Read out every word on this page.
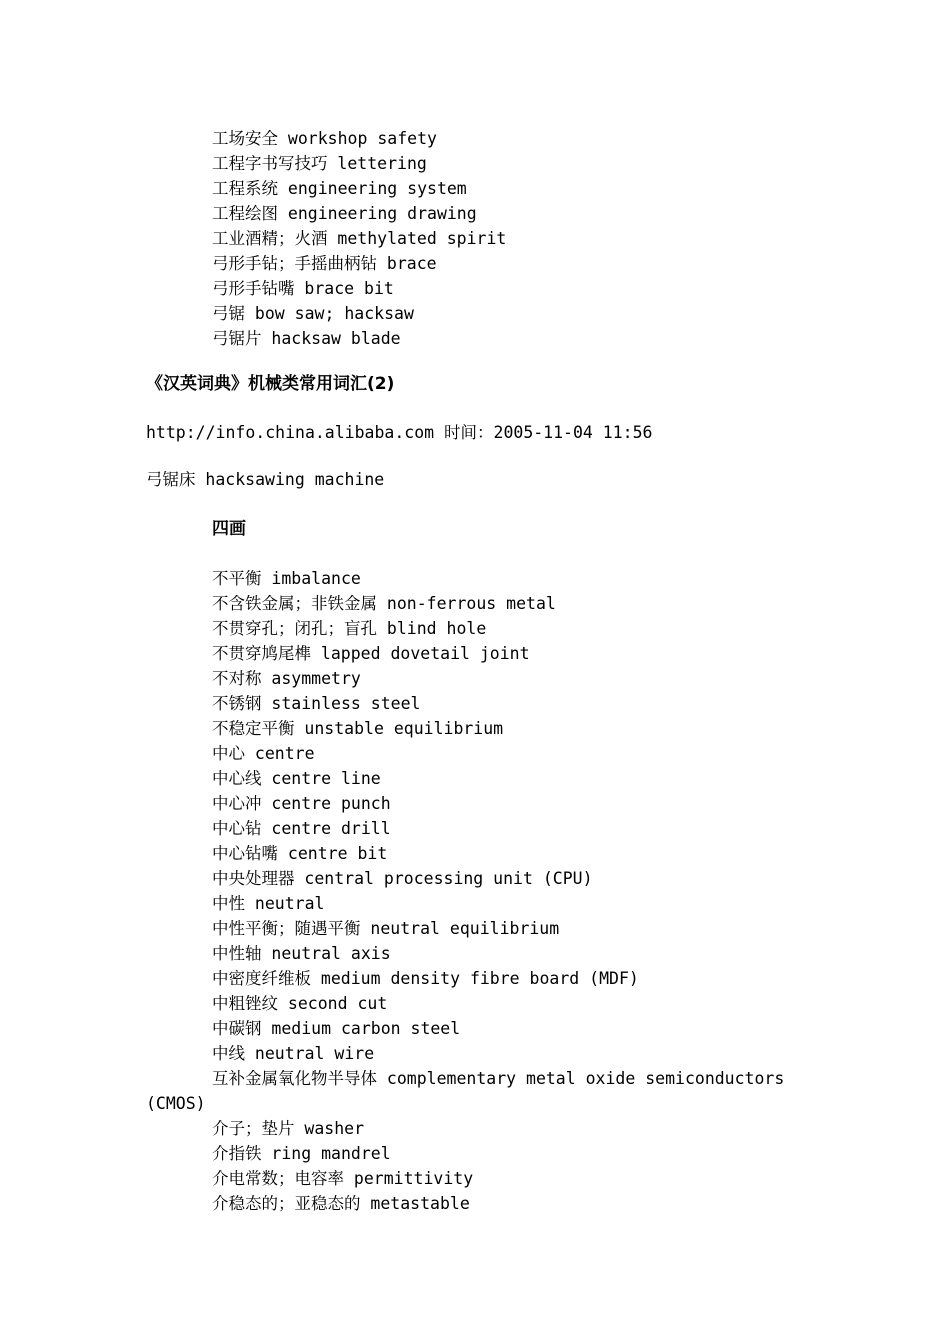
工场安全 workshop safety
工程字书写技巧 lettering
工程系统 engineering system
工程绘图 engineering drawing
工业酒精；火酒 methylated spirit
弓形手钻；手摇曲柄钻 brace
弓形手钻嘴 brace bit
弓锯 bow saw; hacksaw
弓锯片 hacksaw blade
《汉英词典》机械类常用词汇(2)
http://info.china.alibaba.com 时间：2005-11-04 11:56
弓锯床 hacksawing machine
四画
不平衡 imbalance
不含铁金属；非铁金属 non-ferrous metal
不贯穿孔；闭孔；盲孔 blind hole
不贯穿鸠尾榫 lapped dovetail joint
不对称 asymmetry
不锈钢 stainless steel
不稳定平衡 unstable equilibrium
中心 centre
中心线 centre line
中心冲 centre punch
中心钻 centre drill
中心钻嘴 centre bit
中央处理器 central processing unit (CPU)
中性 neutral
中性平衡；随遇平衡 neutral equilibrium
中性轴 neutral axis
中密度纤维板 medium density fibre board (MDF)
中粗锉纹 second cut
中碳钢 medium carbon steel
中线 neutral wire
互补金属氧化物半导体 complementary metal oxide semiconductors
(CMOS)
介子；垫片 washer
介指铁 ring mandrel
介电常数；电容率 permittivity
介稳态的；亚稳态的 metastable
